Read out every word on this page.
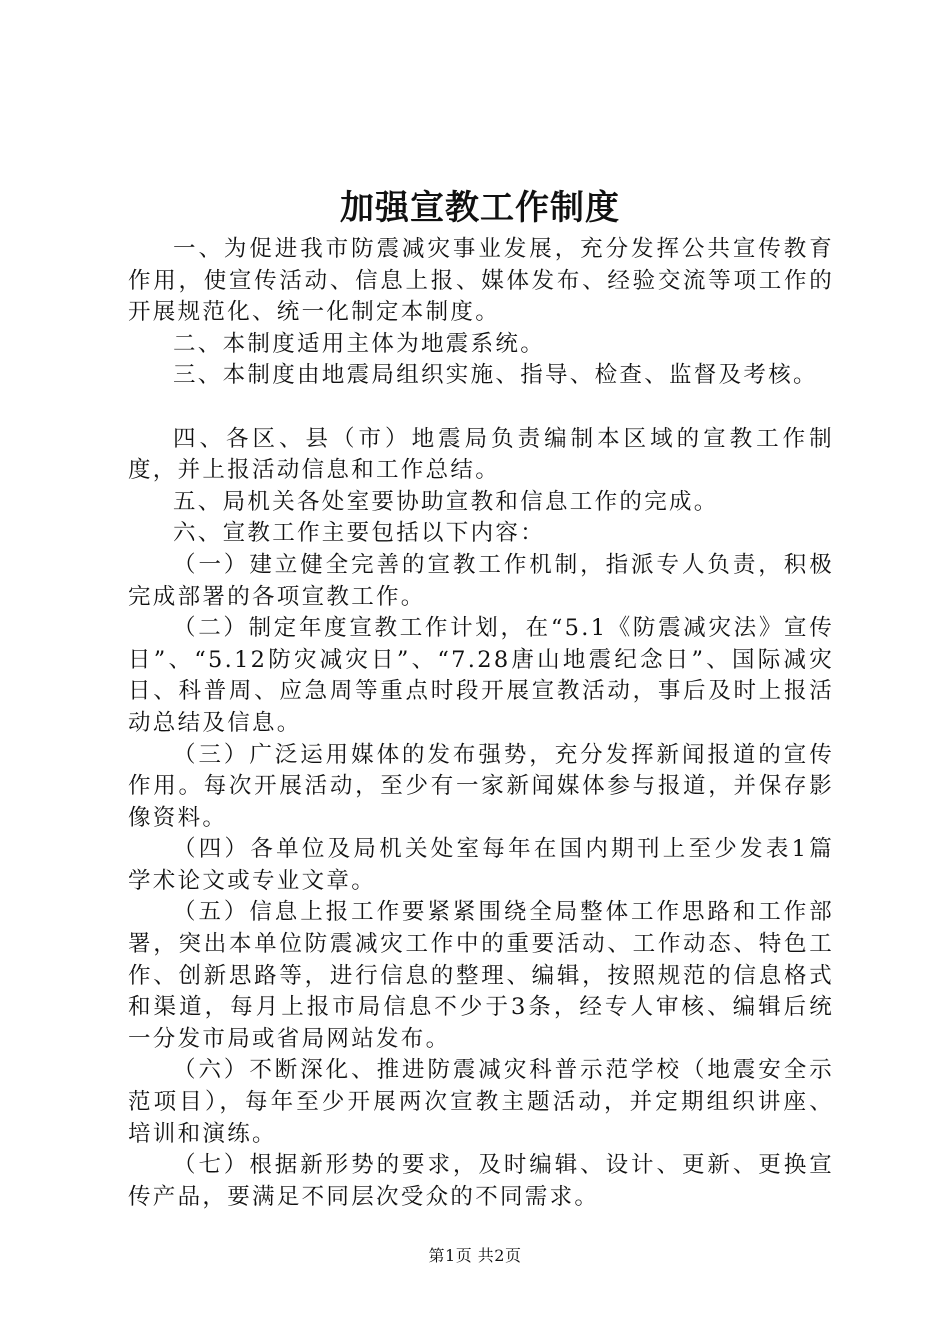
加强宣教工作制度

一、为促进我市防震减灾事业发展，充分发挥公共宣传教育作用，使宣传活动、信息上报、媒体发布、经验交流等项工作的开展规范化、统一化制定本制度。

二、本制度适用主体为地震系统。

三、本制度由地震局组织实施、指导、检查、监督及考核。

四、各区、县（市）地震局负责编制本区域的宣教工作制度，并上报活动信息和工作总结。

五、局机关各处室要协助宣教和信息工作的完成。

六、宣教工作主要包括以下内容：

（一）建立健全完善的宣教工作机制，指派专人负责，积极完成部署的各项宣教工作。

（二）制定年度宣教工作计划，在“5.1《防震减灾法》宣传日”、“5.12防灾减灾日”、“7.28唐山地震纪念日”、国际减灾日、科普周、应急周等重点时段开展宣教活动，事后及时上报活动总结及信息。

（三）广泛运用媒体的发布强势，充分发挥新闻报道的宣传作用。每次开展活动，至少有一家新闻媒体参与报道，并保存影像资料。

（四）各单位及局机关处室每年在国内期刊上至少发表1篇学术论文或专业文章。

（五）信息上报工作要紧紧围绕全局整体工作思路和工作部署，突出本单位防震减灾工作中的重要活动、工作动态、特色工作、创新思路等，进行信息的整理、编辑，按照规范的信息格式和渠道，每月上报市局信息不少于3条，经专人审核、编辑后统一分发市局或省局网站发布。

（六）不断深化、推进防震减灾科普示范学校（地震安全示范项目），每年至少开展两次宣教主题活动，并定期组织讲座、培训和演练。

（七）根据新形势的要求，及时编辑、设计、更新、更换宣传产品，要满足不同层次受众的不同需求。

第1页 共2页
